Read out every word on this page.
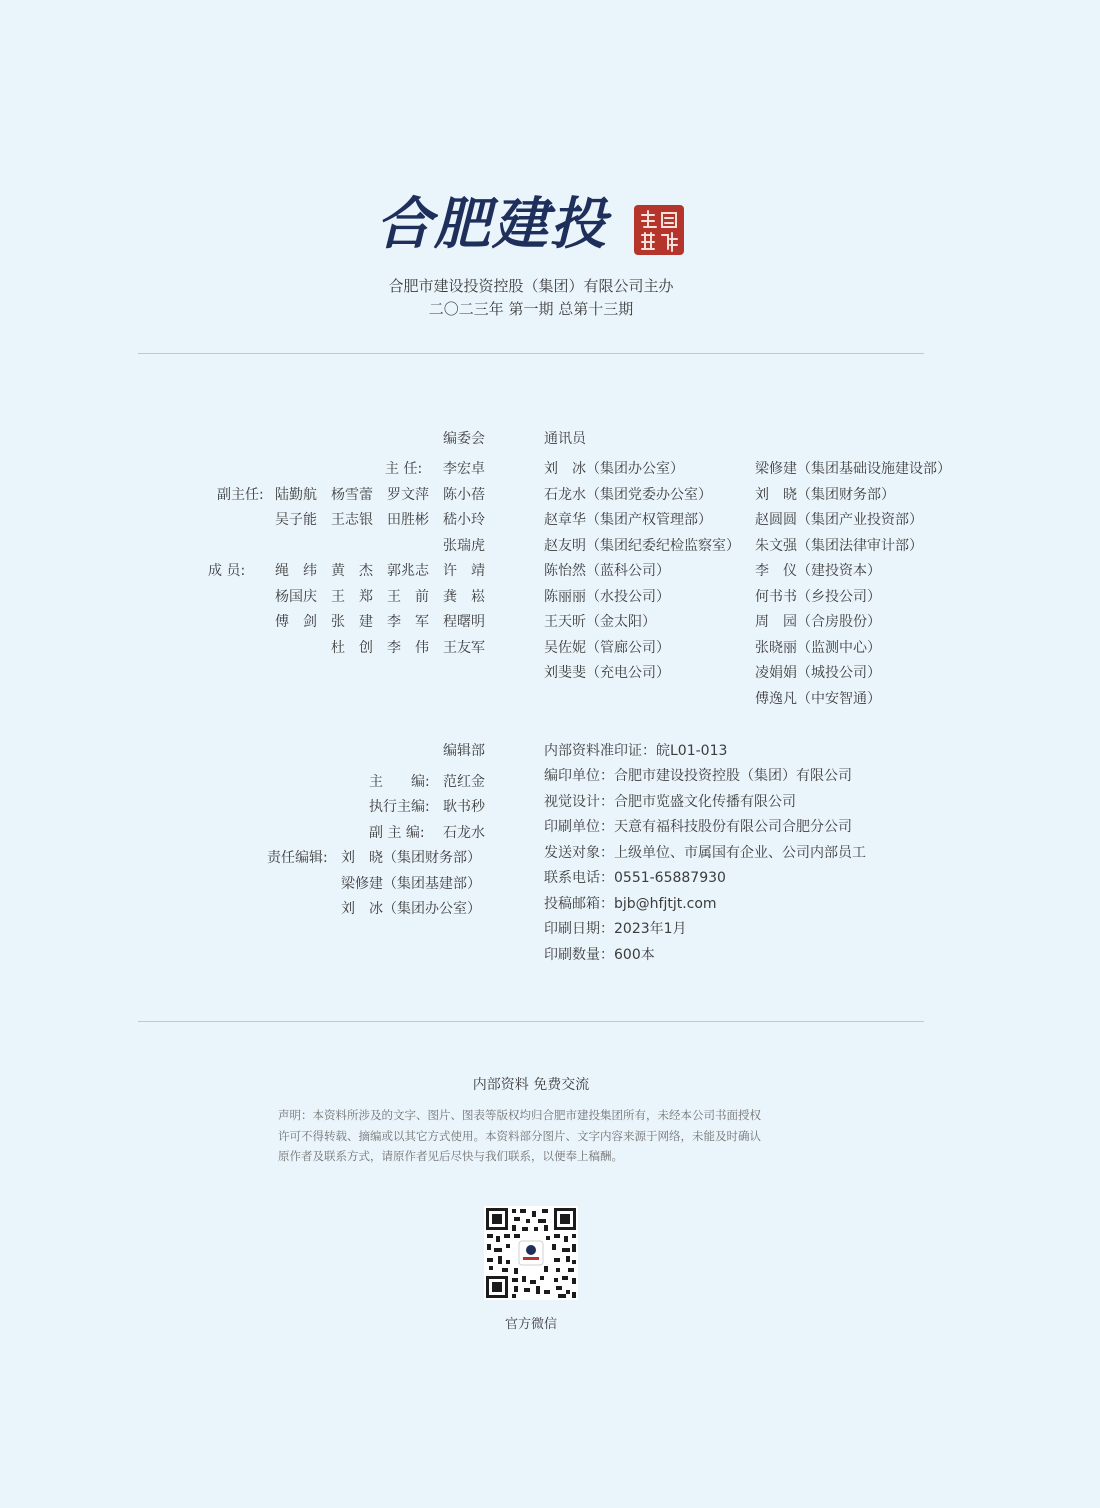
合肥建投
合肥市建设投资控股（集团）有限公司主办
二〇二三年 第一期 总第十三期
编委会
主 任: 李宏卓
副主任: 陆勤航 杨雪蕾 罗文萍 陈小蓓
吴子能 王志银 田胜彬 嵇小玲
张瑞虎
成 员: 绳　纬 黄　杰 郭兆志 许　靖
杨国庆 王　郑 王　前 龚　崧
傅　剑 张　建 李　军 程曙明
杜　创 李　伟 王友军
通讯员
刘　冰（集团办公室）
石龙水（集团党委办公室）
赵章华（集团产权管理部）
赵友明（集团纪委纪检监察室）
陈怡然（蓝科公司）
陈丽丽（水投公司）
王天昕（金太阳）
吴佐妮（管廊公司）
刘斐斐（充电公司）
梁修建（集团基础设施建设部）
刘　晓（集团财务部）
赵圆圆（集团产业投资部）
朱文强（集团法律审计部）
李　仪（建投资本）
何书书（乡投公司）
周　园（合房股份）
张晓丽（监测中心）
凌娟娟（城投公司）
傅逸凡（中安智通）
编辑部
主　　编: 范红金
执行主编: 耿书秒
副 主 编: 石龙水
责任编辑: 刘　晓（集团财务部）
梁修建（集团基建部）
刘　冰（集团办公室）
内部资料准印证：皖L01-013
编印单位：合肥市建设投资控股（集团）有限公司
视觉设计：合肥市览盛文化传播有限公司
印刷单位：天意有福科技股份有限公司合肥分公司
发送对象：上级单位、市属国有企业、公司内部员工
联系电话：0551-65887930
投稿邮箱：bjb@hfjtjt.com
印刷日期：2023年1月
印刷数量：600本
内部资料 免费交流
声明：本资料所涉及的文字、图片、图表等版权均归合肥市建投集团所有，未经本公司书面授权
许可不得转载、摘编或以其它方式使用。本资料部分图片、文字内容来源于网络，未能及时确认
原作者及联系方式，请原作者见后尽快与我们联系，以便奉上稿酬。
官方微信
